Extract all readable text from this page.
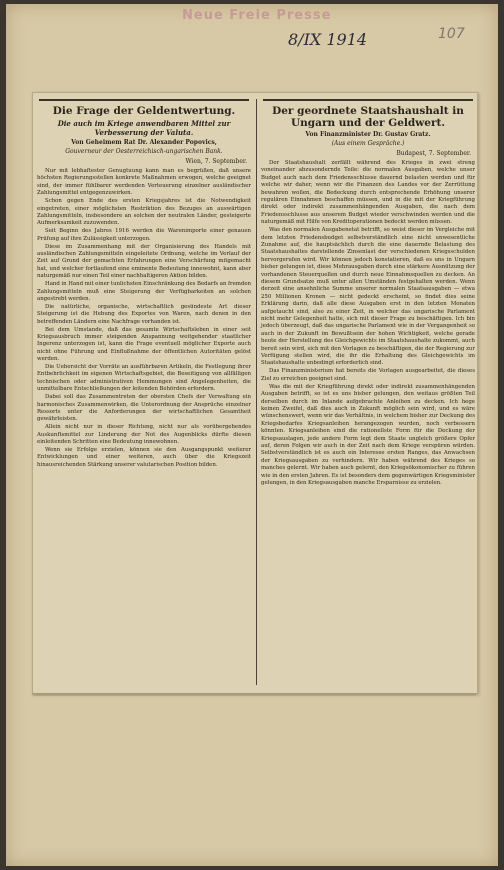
Neue Freie Presse
8/IX 1914	107
Die Frage der Geldentwertung.
Die auch im Kriege anwendbaren Mittel zur Verbesserung der Valuta.
Von Geheimem Rat Dr. Alexander Popovics,
Gouverneur der Oesterreichisch-ungarischen Bank.
Wien, 7. September.

Nur mit lebhaftester Genugtuung kann man es begrüßen, daß unsere höchsten Regierungsstellen konkrete Maßnahmen erwogen, welche geeignet sind, der immer fühlbarer werdenden Verteuerung einzelner ausländischer Zahlungsmittel entgegenzuwirken.

Schon gegen Ende des ersten Kriegsjahres ist die Notwendigkeit eingetreten, einer möglichsten Restriktion des Bezuges an auswärtigen Zahlungsmitteln, insbesondere an solchen der neutralen Länder, gesteigerte Aufmerksamkeit zuzuwenden.

Seit Beginn des Jahres 1916 werden die Warenimporte einer genauen Prüfung auf ihre Zulässigkeit unterzogen.

Diese im Zusammenhang mit der Organisierung des Handels mit ausländischen Zahlungsmitteln eingeleitete Ordnung, welche im Verlauf der Zeit auf Grund der gemachten Erfahrungen eine Verschärfung mitgemacht hat, und welcher fortlaufend eine eminente Bedeutung innewohnt, kann aber naturgemäß nur einen Teil einer nachhaltigeren Aktion bilden.

Hand in Hand mit einer tunlichsten Einschränkung des Bedarfs an fremden Zahlungsmitteln muß eine Steigerung der Verfügbarkeiten an solchen angestrebt werden.

Die natürliche, organische, wirtschaftlich gesündeste Art dieser Steigerung ist die Hebung des Exportes von Waren, nach denen in den betreffenden Ländern eine Nachfrage vorhanden ist.

Bei dem Umstande, daß das gesamte Wirtschaftsleben in einer seit Kriegsausbruch immer steigenden Anspannung weitgehender staatlicher Ingerenz unterzogen ist, kann die Frage eventuell möglicher Exporte auch nicht ohne Führung und Einflußnahme der öffentlichen Autoritäten gelöst werden.

Die Uebersicht der Vorräte an ausführbaren Artikeln, die Festlegung ihrer Entbehrlichkeit im eigenen Wirtschaftsgebiet, die Beseitigung von allfälligen technischen oder administrativen Hemmungen sind Angelegenheiten, die unmittelbare Entschließungen der leitenden Behörden erfordern.

Dabei soll das Zusammentreten der obersten Chefs der Verwaltung ein harmonisches Zusammenwirken, die Unterordnung der Ansprüche einzelner Ressorts unter die Anforderungen der wirtschaftlichen Gesamtheit gewährleisten.

Allein nicht nur in dieser Richtung, nicht nur als vorübergehendes Auskunftsmittel zur Linderung der Not des Augenblicks dürfte diesen einleitenden Schritten eine Bedeutung innewohnen.

Wenn sie Erfolge erzielen, können sie den Ausgangspunkt weiterer Entwicklungen und einer weiteren, auch über die Kriegszeit hinausreichenden Stärkung unserer valutarischen Position bilden.

Der geordnete Staatshaushalt in Ungarn und der Geldwert.
Von Finanzminister Dr. Gustav Gratz.
(Aus einem Gespräche.)
Budapest, 7. September.

Der Staatshaushalt zerfällt während des Krieges in zwei streng voneinander abzusondernde Teile: die normalen Ausgaben, welche unser Budget auch nach dem Friedensschlusse dauernd belasten werden und für welche wir daher, wenn wir die Finanzen des Landes vor der Zerrüttung bewahren wollen, die Bedeckung durch entsprechende Erhöhung unserer regulären Einnahmen beschaffen müssen, und in die mit der Kriegführung direkt oder indirekt zusammenhängenden Ausgaben, die nach dem Friedensschlusse aus unserem Budget wieder verschwinden werden und die naturgemäß mit Hilfe von Kreditoperationen bedeckt werden müssen.

Was den normalen Ausgabenetat betrifft, so weist dieser im Vergleiche mit dem letzten Friedensbudget selbstverständlich eine nicht unwesentliche Zunahme auf, die hauptsächlich durch die eine dauernde Belastung des Staatshaushaltes darstellende Zinsenlast der verschiedenen Kriegsschulden hervorgerufen wird. Wir können jedoch konstatieren, daß es uns in Ungarn bisher gelungen ist, diese Mehrausgaben durch eine stärkere Ausnützung der vorhandenen Steuerquellen und durch neue Einnahmsquellen zu decken. An diesem Grundsatze muß unter allen Umständen festgehalten werden. Wenn derzeit eine ansehnliche Summe unserer normalen Staatsausgaben — etwa 250 Millionen Kronen — nicht gedeckt erscheint, so findet dies seine Erklärung darin, daß alle diese Ausgaben erst in den letzten Monaten aufgetaucht sind, also zu einer Zeit, in welcher das ungarische Parlament nicht mehr Gelegenheit hatte, sich mit dieser Frage zu beschäftigen. Ich bin jedoch überzeugt, daß das ungarische Parlament wie in der Vergangenheit so auch in der Zukunft im Bewußtsein der hohen Wichtigkeit, welche gerade heute der Herstellung des Gleichgewichts im Staatshaushalte zukommt, auch bereit sein wird, sich mit den Vorlagen zu beschäftigen, die der Regierung zur Verfügung stellen wird, die ihr die Erhaltung des Gleichgewichts im Staatshaushalte unbedingt erforderlich sind.

Das Finanzministerium hat bereits die Vorlagen ausgearbeitet, die dieses Ziel zu erreichen geeignet sind.

Was die mit der Kriegführung direkt oder indirekt zusammenhängenden Ausgaben betrifft, so ist es uns bisher gelungen, den weitaus größten Teil derselben durch im Inlande aufgebrachte Anleihen zu decken. Ich hege keinen Zweifel, daß dies auch in Zukunft möglich sein wird, und es wäre wünschenswert, wenn wir das Verhältnis, in welchem bisher zur Deckung des Kriegsbedarfes Kriegsanleihen herangezogen wurden, noch verbessern könnten. Kriegsanleihen sind die rationellste Form für die Deckung der Kriegsauslagen, jede andere Form legt dem Staate ungleich größere Opfer auf, deren Folgen wir auch in der Zeit nach dem Kriege verspüren würden. Selbstverständlich ist es auch ein Interesse ersten Ranges, das Anwachsen der Kriegsausgaben zu verhindern. Wir haben während des Krieges so manches gelernt. Wir haben auch gelernt, den Kriegsökonomischer zu führen wie in den ersten Jahren. Es ist besonders dem gegenwärtigen Kriegsminister gelungen, in den Kriegsausgaben manche Ersparnisse zu erzielen.
